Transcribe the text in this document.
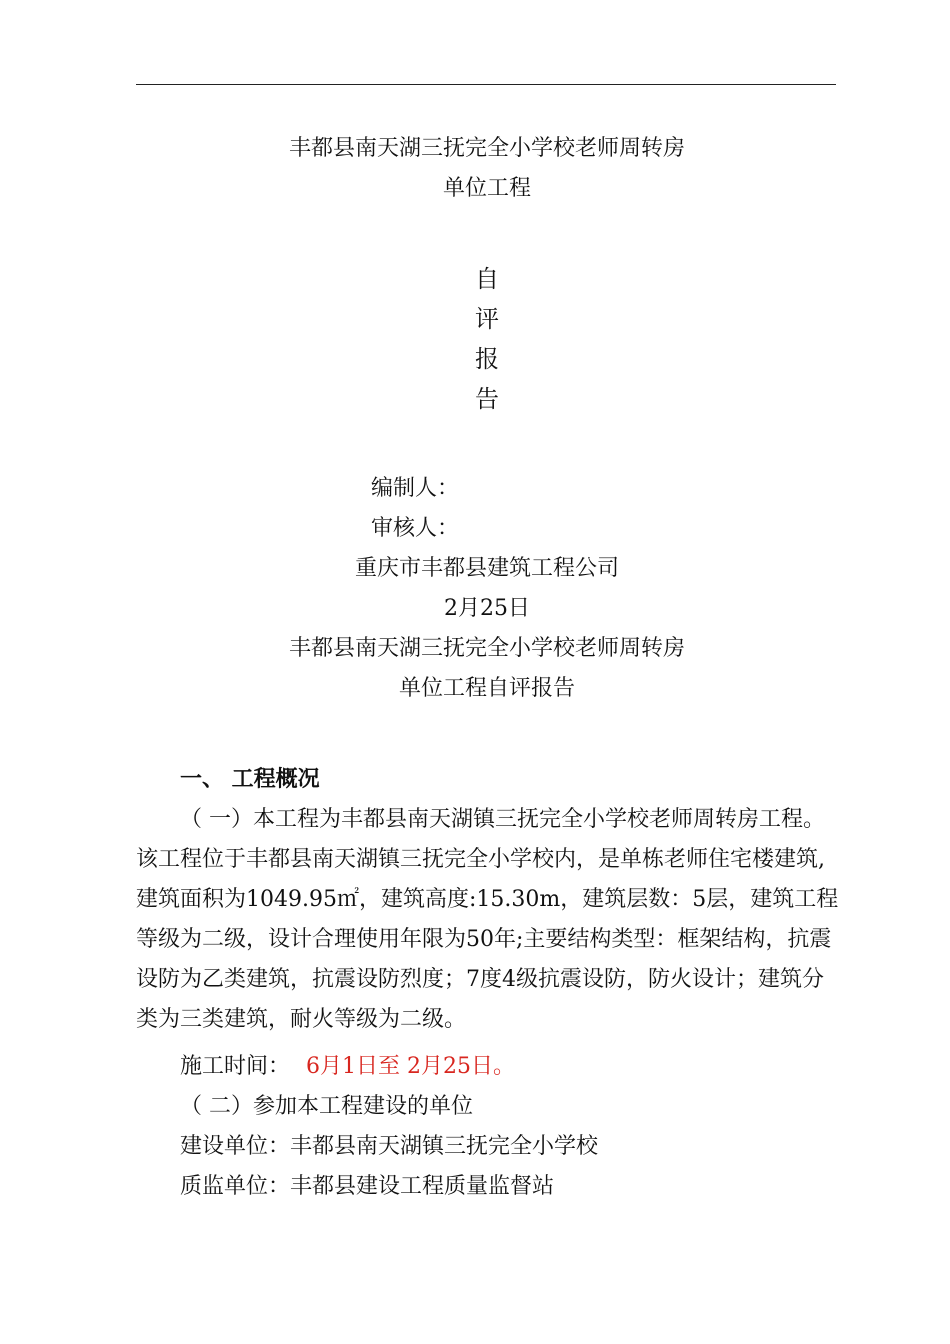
丰都县南天湖三抚完全小学校老师周转房
单位工程
自
评
报
告
编制人：
审核人：
重庆市丰都县建筑工程公司
2月25日
丰都县南天湖三抚完全小学校老师周转房
单位工程自评报告
一、 工程概况
（ 一）本工程为丰都县南天湖镇三抚完全小学校老师周转房工程。该工程位于丰都县南天湖镇三抚完全小学校内，是单栋老师住宅楼建筑,建筑面积为1049.95㎡，建筑高度:15.30m，建筑层数：5层，建筑工程等级为二级，设计合理使用年限为50年;主要结构类型：框架结构，抗震设防为乙类建筑，抗震设防烈度；7度4级抗震设防，防火设计；建筑分类为三类建筑，耐火等级为二级。
施工时间： 6月1日至 2月25日。
（ 二）参加本工程建设的单位
建设单位：丰都县南天湖镇三抚完全小学校
质监单位：丰都县建设工程质量监督站
